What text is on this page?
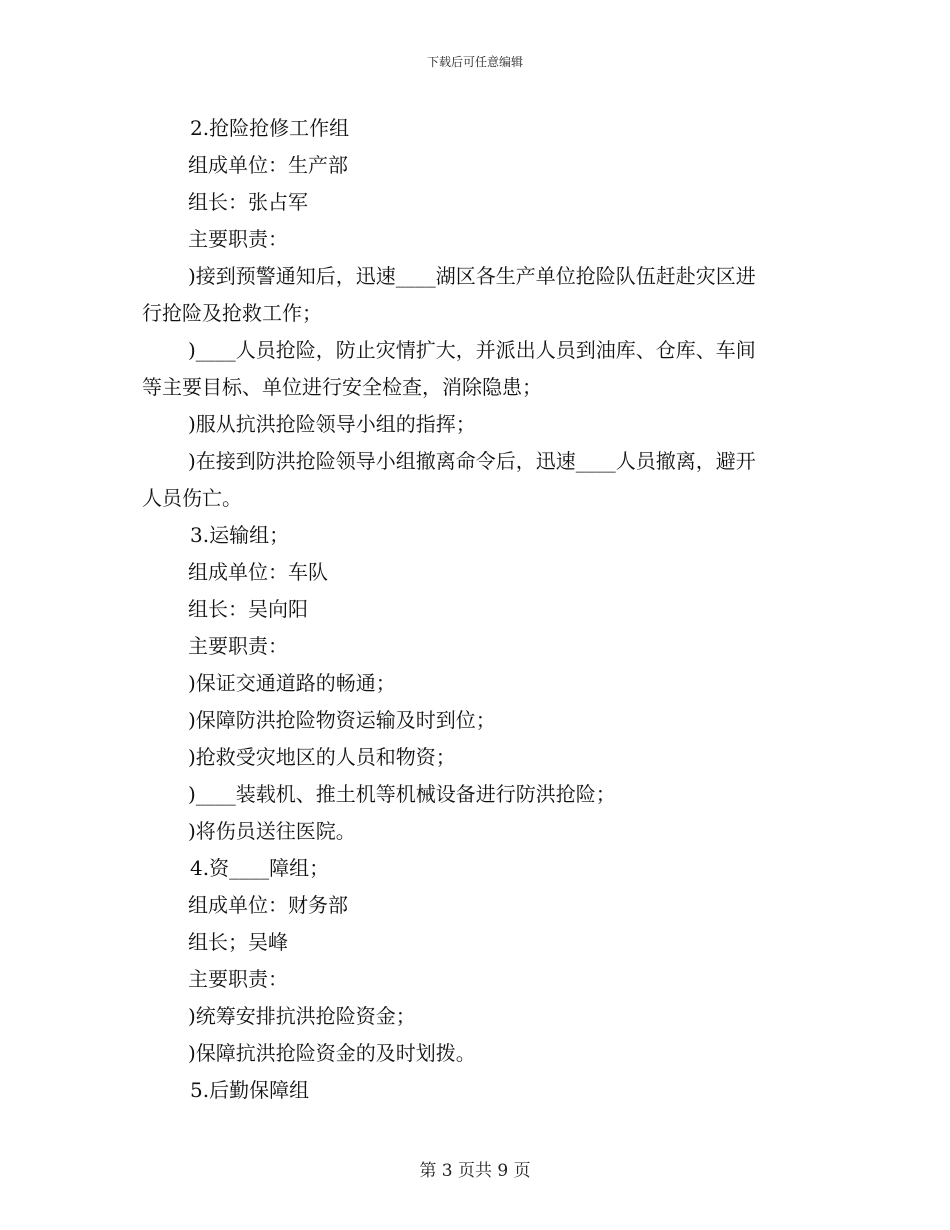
下载后可任意编辑
2.抢险抢修工作组
组成单位：生产部
组长：张占军
主要职责：
)接到预警通知后，迅速____湖区各生产单位抢险队伍赶赴灾区进
行抢险及抢救工作；
)____人员抢险，防止灾情扩大，并派出人员到油库、仓库、车间
等主要目标、单位进行安全检查，消除隐患；
)服从抗洪抢险领导小组的指挥；
)在接到防洪抢险领导小组撤离命令后，迅速____人员撤离，避开
人员伤亡。
3.运输组；
组成单位：车队
组长：吴向阳
主要职责：
)保证交通道路的畅通；
)保障防洪抢险物资运输及时到位；
)抢救受灾地区的人员和物资；
)____装载机、推土机等机械设备进行防洪抢险；
)将伤员送往医院。
4.资____障组；
组成单位：财务部
组长；吴峰
主要职责：
)统筹安排抗洪抢险资金；
)保障抗洪抢险资金的及时划拨。
5.后勤保障组
第 3 页共 9 页
